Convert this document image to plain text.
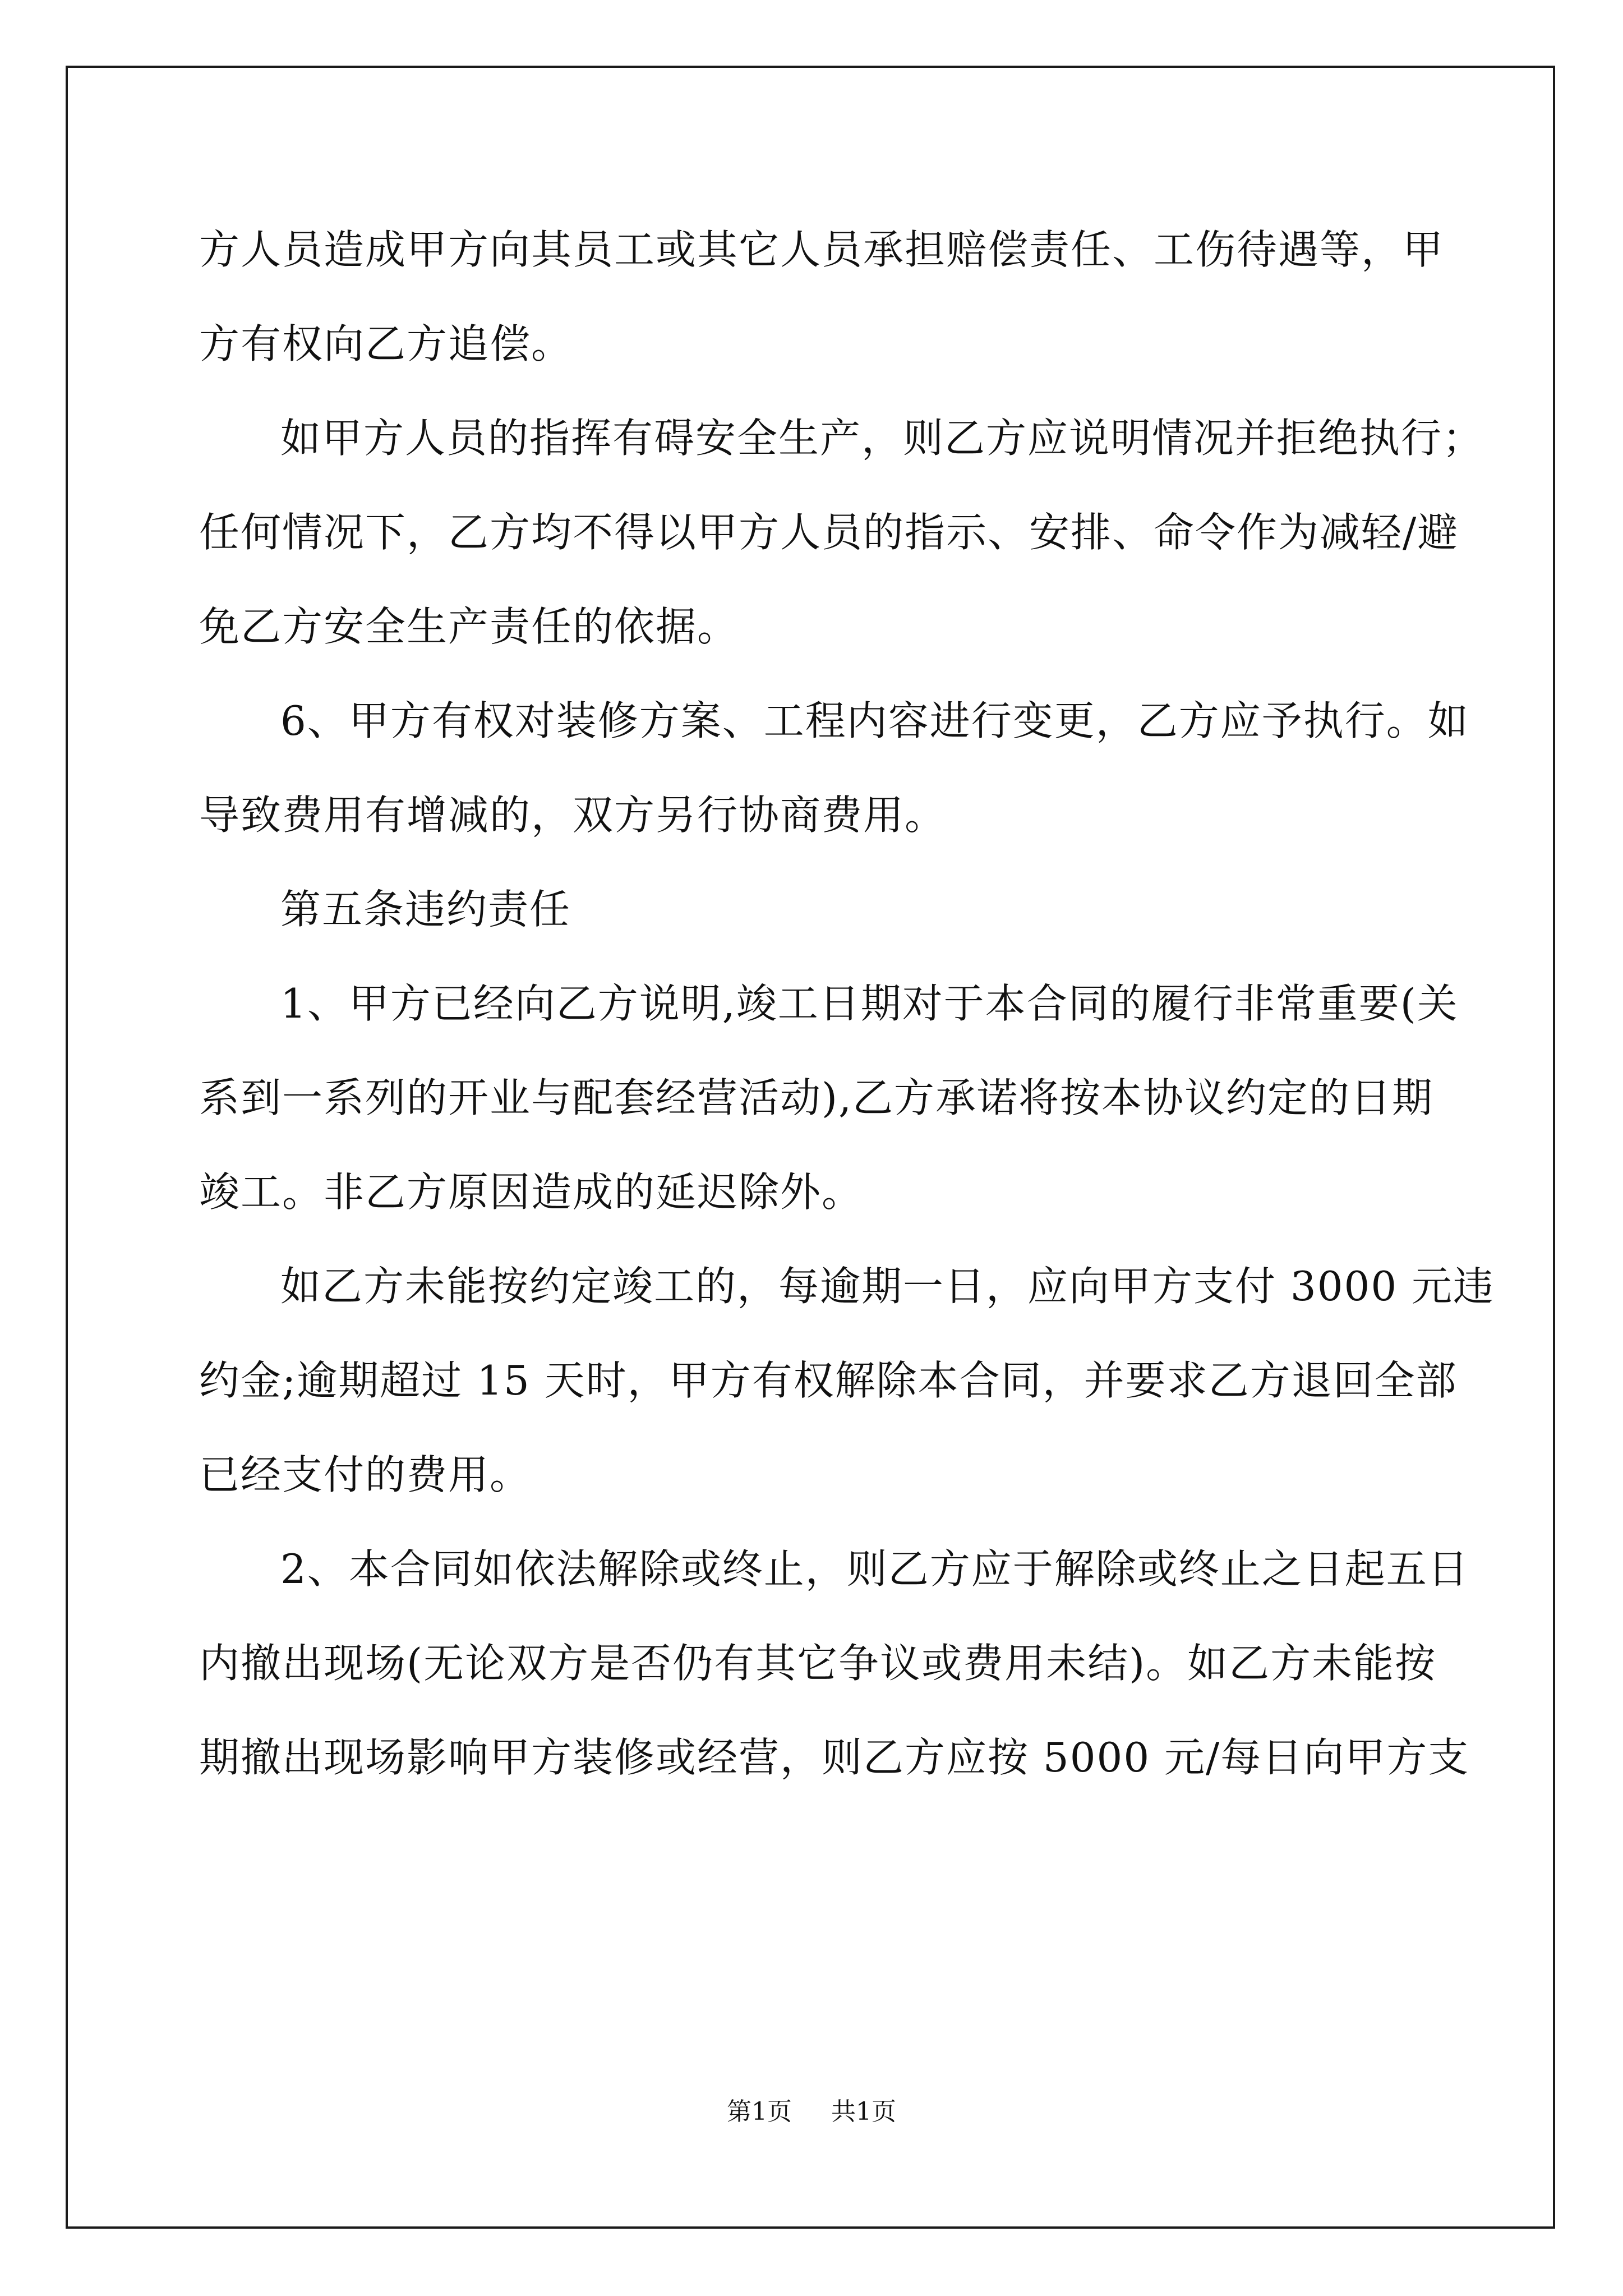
方人员造成甲方向其员工或其它人员承担赔偿责任、工伤待遇等，甲
方有权向乙方追偿。
如甲方人员的指挥有碍安全生产，则乙方应说明情况并拒绝执行；
任何情况下，乙方均不得以甲方人员的指示、安排、命令作为减轻/避
免乙方安全生产责任的依据。
6、甲方有权对装修方案、工程内容进行变更，乙方应予执行。如
导致费用有增减的，双方另行协商费用。
第五条违约责任
1、甲方已经向乙方说明,竣工日期对于本合同的履行非常重要(关
系到一系列的开业与配套经营活动),乙方承诺将按本协议约定的日期
竣工。非乙方原因造成的延迟除外。
如乙方未能按约定竣工的，每逾期一日，应向甲方支付 3000 元违
约金;逾期超过 15 天时，甲方有权解除本合同，并要求乙方退回全部
已经支付的费用。
2、本合同如依法解除或终止，则乙方应于解除或终止之日起五日
内撤出现场(无论双方是否仍有其它争议或费用未结)。如乙方未能按
期撤出现场影响甲方装修或经营，则乙方应按 5000 元/每日向甲方支
第1页 共1页
